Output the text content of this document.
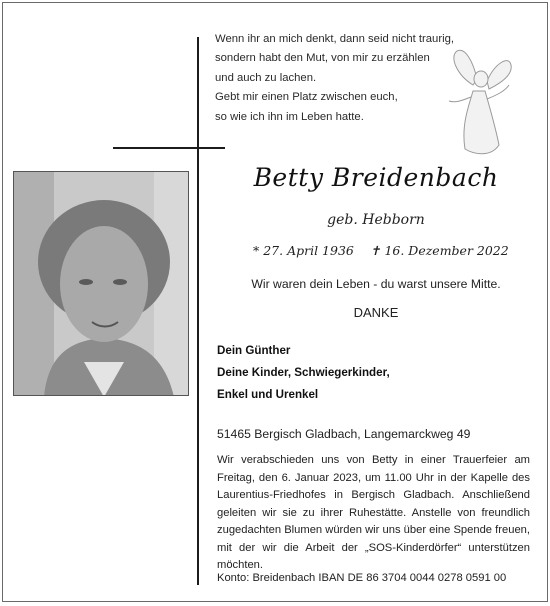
Wenn ihr an mich denkt, dann seid nicht traurig,
sondern habt den Mut, von mir zu erzählen
und auch zu lachen.
Gebt mir einen Platz zwischen euch,
so wie ich ihn im Leben hatte.
Betty Breidenbach
geb. Hebborn
* 27. April 1936 ✝ 16. Dezember 2022
Wir waren dein Leben - du warst unsere Mitte.
DANKE
Dein Günther
Deine Kinder, Schwiegerkinder,
Enkel und Urenkel
51465 Bergisch Gladbach, Langemarckweg 49
Wir verabschieden uns von Betty in einer Trauerfeier am Freitag, den 6. Januar 2023, um 11.00 Uhr in der Kapelle des Laurentius-Friedhofes in Bergisch Gladbach. Anschließend geleiten wir sie zu ihrer Ruhestätte. Anstelle von freundlich zugedachten Blumen würden wir uns über eine Spende freuen, mit der wir die Arbeit der „SOS-Kinderdörfer“ unterstützen möchten.
Konto: Breidenbach IBAN DE 86 3704 0044 0278 0591 00
